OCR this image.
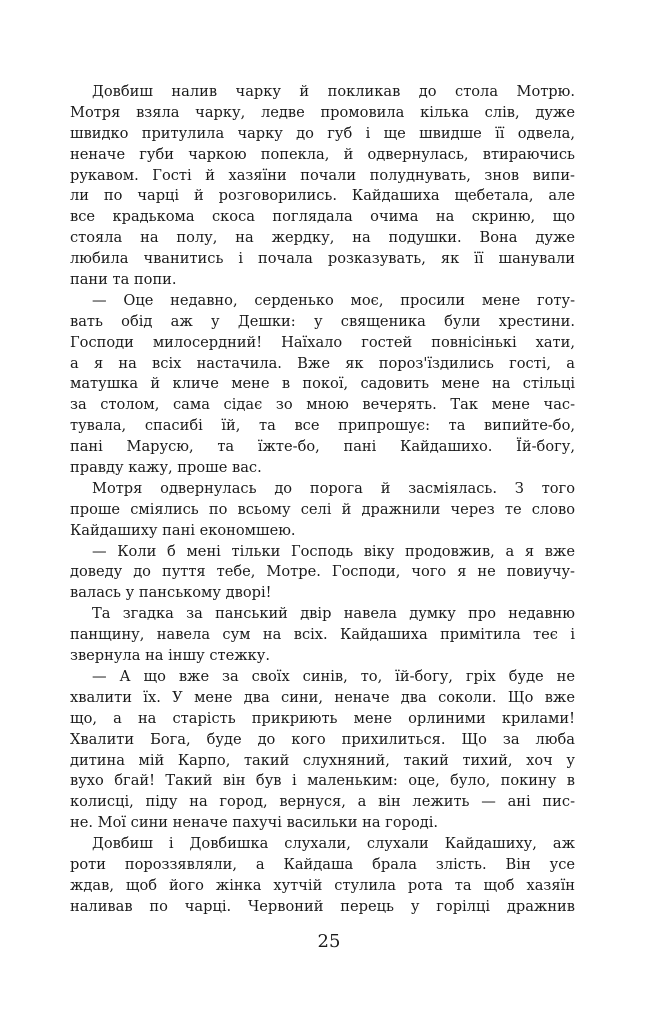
Довбиш налив чарку й покликав до стола Мотрю.
Мотря взяла чарку, ледве промовила кілька слів, дуже
швидко притулила чарку до губ і ще швидше її одвела,
неначе губи чаркою попекла, й одвернулась, втираючись
рукавом. Гості й хазяїни почали полуднувать, знов випи-
ли по чарці й розговорились. Кайдашиха щебетала, але
все крадькома скоса поглядала очима на скриню, що
стояла на полу, на жердку, на подушки. Вона дуже
любила чванитись і почала розказувать, як її шанували
пани та попи.
— Оце недавно, серденько моє, просили мене готу-
вать обід аж у Дешки: у священика були хрестини.
Господи милосердний! Наїхало гостей повнісінькі хати,
а я на всіх настачила. Вже як пороз'їздились гості, а
матушка й кличе мене в покої, садовить мене на стільці
за столом, сама сідає зо мною вечерять. Так мене час-
тувала, спасибі їй, та все припрошує: та випийте-бо,
пані Марусю, та їжте-бо, пані Кайдашихо. Їй-богу,
правду кажу, прошe вас.
Мотря одвернулась до порога й засміялась. З того
проше сміялись по всьому селі й дражнили через те слово
Кайдашиху пані економшею.
— Коли б мені тільки Господь віку продовжив, а я вже
доведу до пуття тебе, Мотре. Господи, чого я не повиучу-
валась у панському дворі!
Та згадка за панський двір навела думку про недавню
панщину, навела сум на всіх. Кайдашиха примітила теє і
звернула на іншу стежку.
— А що вже за своїх синів, то, їй-богу, гріх буде не
хвалити їх. У мене два сини, неначе два соколи. Що вже
що, а на старість прикриють мене орлиними крилами!
Хвалити Бога, буде до кого прихилиться. Що за люба
дитина мій Карпо, такий слухняний, такий тихий, хоч у
вухо бгай! Такий він був і маленьким: оце, було, покину в
колисці, піду на город, вернуся, а він лежить — ані пис-
не. Мої сини неначе пахучі васильки на городі.
Довбиш і Довбишка слухали, слухали Кайдашиху, аж
роти пороззявляли, а Кайдаша брала злість. Він усе
ждав, щоб його жінка хутчій стулила рота та щоб хазяїн
наливав по чарці. Червоний перець у горілці дражнив
25
